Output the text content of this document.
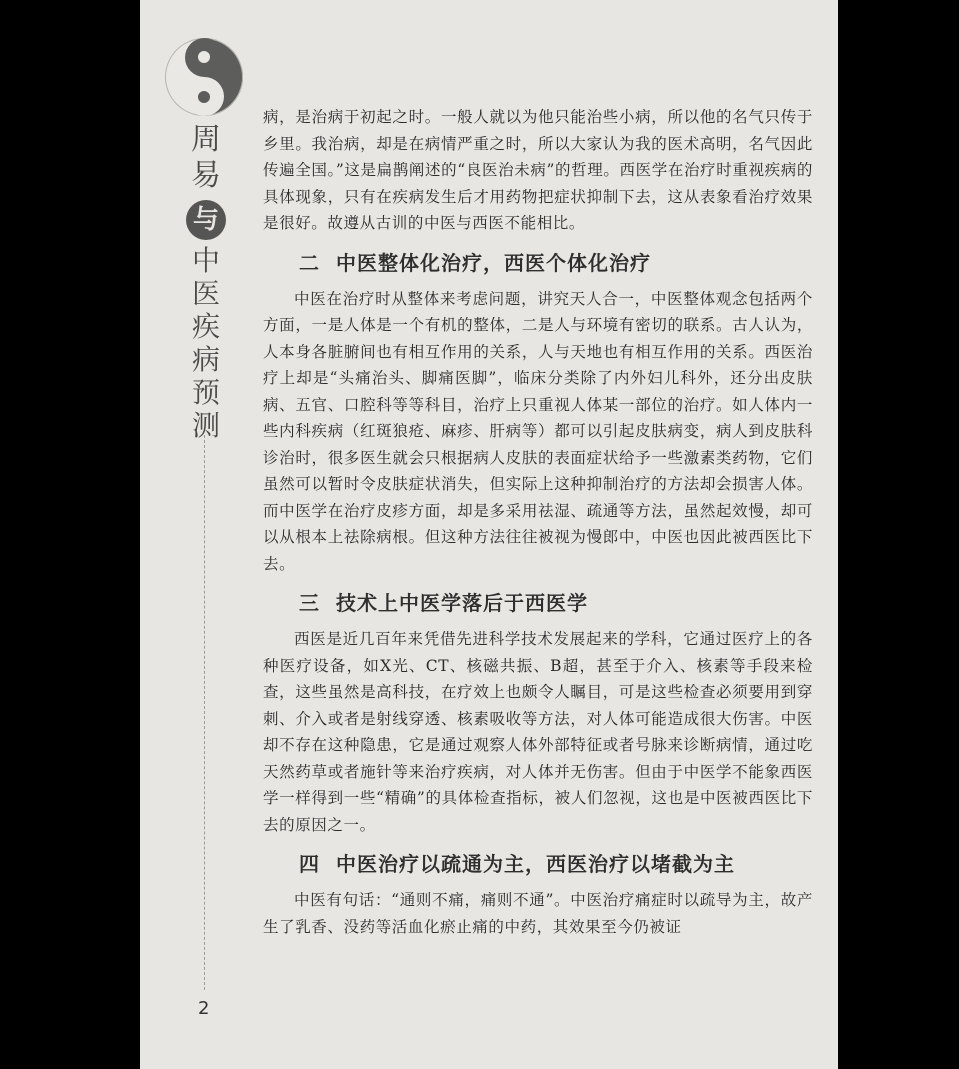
周
易
与
中
医
疾
病
预
测
2

病，是治病于初起之时。一般人就以为他只能治些小病，所以他的名气只传于乡里。我治病，却是在病情严重之时，所以大家认为我的医术高明，名气因此传遍全国。”这是扁鹊阐述的“良医治未病”的哲理。西医学在治疗时重视疾病的具体现象，只有在疾病发生后才用药物把症状抑制下去，这从表象看治疗效果是很好。故遵从古训的中医与西医不能相比。

二 中医整体化治疗，西医个体化治疗

中医在治疗时从整体来考虑问题，讲究天人合一，中医整体观念包括两个方面，一是人体是一个有机的整体，二是人与环境有密切的联系。古人认为，人本身各脏腑间也有相互作用的关系，人与天地也有相互作用的关系。西医治疗上却是“头痛治头、脚痛医脚”，临床分类除了内外妇儿科外，还分出皮肤病、五官、口腔科等等科目，治疗上只重视人体某一部位的治疗。如人体内一些内科疾病（红斑狼疮、麻疹、肝病等）都可以引起皮肤病变，病人到皮肤科诊治时，很多医生就会只根据病人皮肤的表面症状给予一些激素类药物，它们虽然可以暂时令皮肤症状消失，但实际上这种抑制治疗的方法却会损害人体。而中医学在治疗皮疹方面，却是多采用祛湿、疏通等方法，虽然起效慢，却可以从根本上祛除病根。但这种方法往往被视为慢郎中，中医也因此被西医比下去。

三 技术上中医学落后于西医学

西医是近几百年来凭借先进科学技术发展起来的学科，它通过医疗上的各种医疗设备，如X光、CT、核磁共振、B超，甚至于介入、核素等手段来检查，这些虽然是高科技，在疗效上也颇令人瞩目，可是这些检查必须要用到穿刺、介入或者是射线穿透、核素吸收等方法，对人体可能造成很大伤害。中医却不存在这种隐患，它是通过观察人体外部特征或者号脉来诊断病情，通过吃天然药草或者施针等来治疗疾病，对人体并无伤害。但由于中医学不能象西医学一样得到一些“精确”的具体检查指标，被人们忽视，这也是中医被西医比下去的原因之一。

四 中医治疗以疏通为主，西医治疗以堵截为主

中医有句话：“通则不痛，痛则不通”。中医治疗痛症时以疏导为主，故产生了乳香、没药等活血化瘀止痛的中药，其效果至今仍被证
